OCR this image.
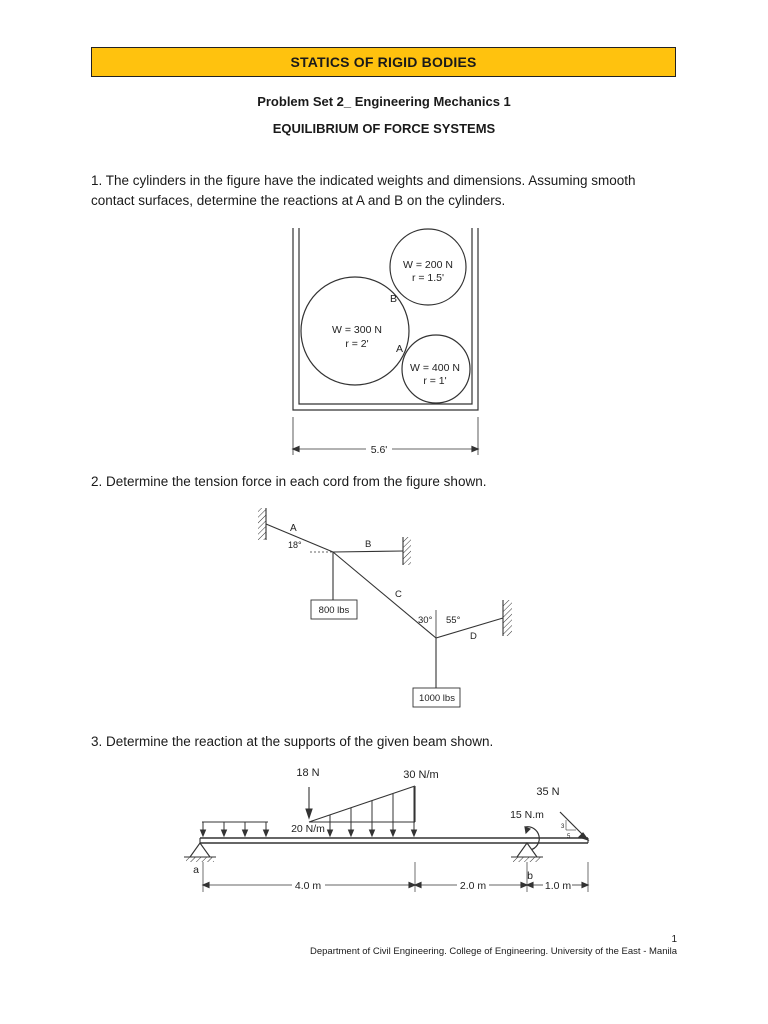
STATICS OF RIGID BODIES
Problem Set 2_ Engineering Mechanics 1
EQUILIBRIUM OF FORCE SYSTEMS
1. The cylinders in the figure have the indicated weights and dimensions. Assuming smooth contact surfaces, determine the reactions at A and B on the cylinders.
2. Determine the tension force in each cord from the figure shown.
3. Determine the reaction at the supports of the given beam shown.
W = 200 N
r = 1.5'
W = 300 N
r = 2'
W = 400 N
r = 1'
B
A
5.6'
A
18°	B
C
30° 55°
D
800 lbs
1000 lbs
18 N	30 N/m
20 N/m
35 N
15 N.m
3
5
a	b
4.0 m	2.0 m	1.0 m
1
Department of Civil Engineering. College of Engineering. University of the East - Manila
